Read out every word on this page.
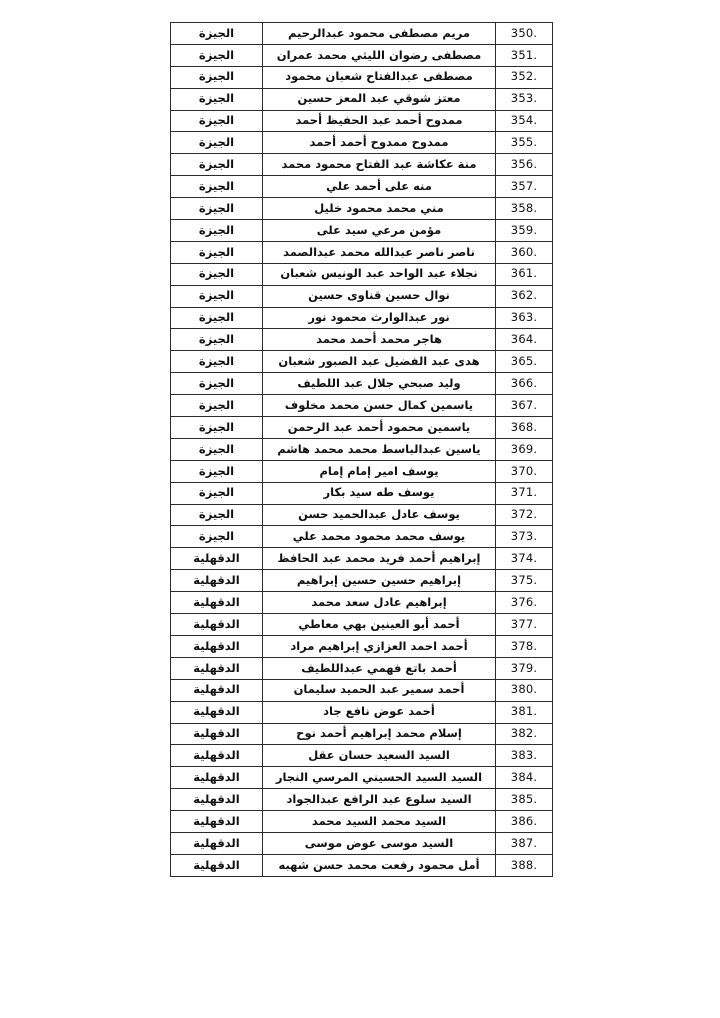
الجيزة	مريم مصطفى محمود عبدالرحيم	350.
الجيزة	مصطفى رضوان الليثي محمد عمران	351.
الجيزة	مصطفى عبدالفتاح شعبان محمود	352.
الجيزة	معتز شوقي عبد المعز حسين	353.
الجيزة	ممدوح أحمد عبد الحفيظ أحمد	354.
الجيزة	ممدوح ممدوح أحمد أحمد	355.
الجيزة	منة عكاشة عبد الفتاح محمود محمد	356.
الجيزة	منه على أحمد علي	357.
الجيزة	مني محمد محمود خليل	358.
الجيزة	مؤمن مرعي سيد على	359.
الجيزة	ناصر ناصر عبدالله محمد عبدالصمد	360.
الجيزة	نجلاء عبد الواحد عبد الونيس شعبان	361.
الجيزة	نوال حسين قناوى حسين	362.
الجيزة	نور عبدالوارث محمود نور	363.
الجيزة	هاجر محمد أحمد محمد	364.
الجيزة	هدى عبد الفضيل عبد الصبور شعبان	365.
الجيزة	وليد صبحي جلال عبد اللطيف	366.
الجيزة	ياسمين كمال حسن محمد مخلوف	367.
الجيزة	ياسمين محمود أحمد عبد الرحمن	368.
الجيزة	ياسين عبدالباسط محمد محمد هاشم	369.
الجيزة	يوسف امير إمام إمام	370.
الجيزة	يوسف طه سيد بكار	371.
الجيزة	يوسف عادل عبدالحميد حسن	372.
الجيزة	يوسف محمد محمود محمد علي	373.
الدقهلية	إبراهيم أحمد فريد محمد عبد الحافظ	374.
الدقهلية	إبراهيم حسين حسين إبراهيم	375.
الدقهلية	إبراهيم عادل سعد محمد	376.
الدقهلية	أحمد أبو العينين بهي معاطي	377.
الدقهلية	أحمد احمد العزازي إبراهيم مراد	378.
الدقهلية	أحمد باتع فهمي عبداللطيف	379.
الدقهلية	أحمد سمير عبد الحميد سليمان	380.
الدقهلية	أحمد عوض نافع جاد	381.
الدقهلية	إسلام محمد إبراهيم أحمد نوح	382.
الدقهلية	السيد السعيد حسان عقل	383.
الدقهلية	السيد السيد الحسيني المرسي النجار	384.
الدقهلية	السيد سلوع عبد الرافع عبدالجواد	385.
الدقهلية	السيد محمد السيد محمد	386.
الدقهلية	السيد موسى عوض موسى	387.
الدقهلية	أمل محمود رفعت محمد حسن شهبه	388.
